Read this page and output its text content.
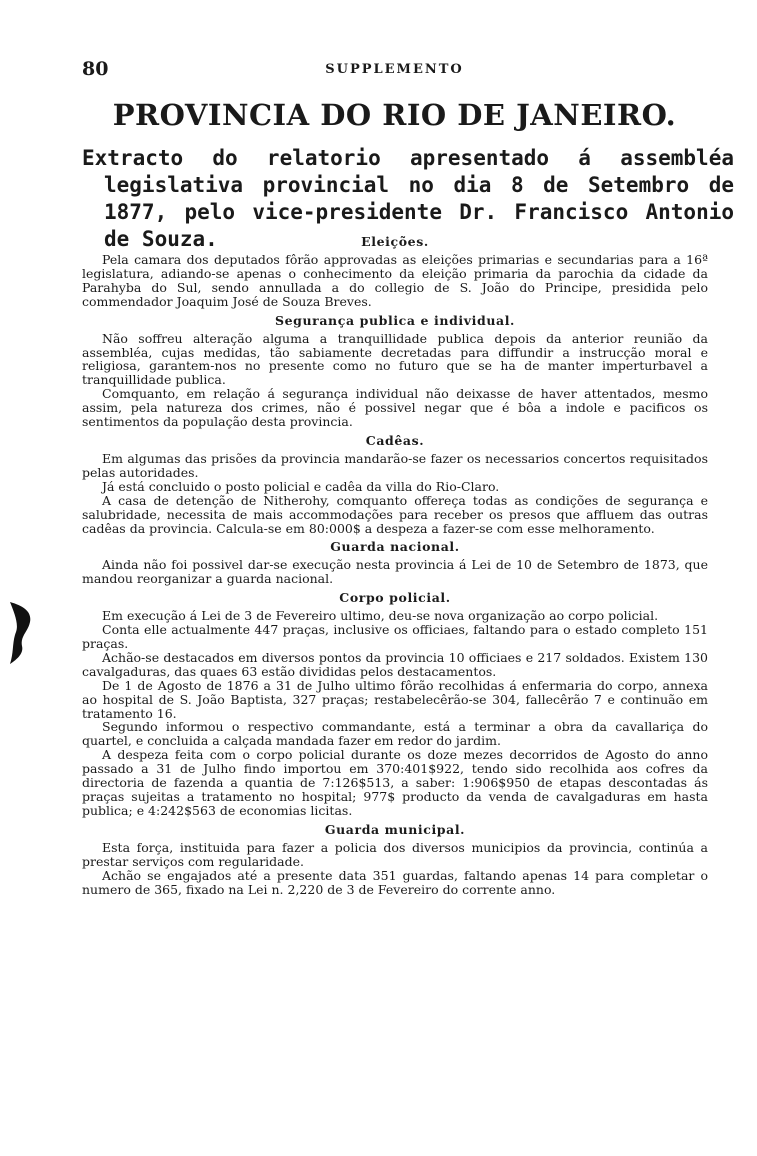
80	SUPPLEMENTO
PROVINCIA DO RIO DE JANEIRO.

Extracto do relatorio apresentado á assembléa legislativa provincial no dia 8 de Setembro de 1877, pelo vice-presidente Dr. Francisco Antonio de Souza.	Eleições.

Pela camara dos deputados fôrão approvadas as eleições primarias e secundarias para a 16ª legislatura, adiando-se apenas o conhecimento da eleição primaria da parochia da cidade da Parahyba do Sul, sendo annullada a do collegio de S. João do Principe, presidida pelo commendador Joaquim José de Souza Breves.

Segurança publica e individual.

Não soffreu alteração alguma a tranquillidade publica depois da anterior reunião da assembléa, cujas medidas, tão sabiamente decretadas para diffundir a instrucção moral e religiosa, garantem-nos no presente como no futuro que se ha de manter imperturbavel a tranquillidade publica.

Comquanto, em relação á segurança individual não deixasse de haver attentados, mesmo assim, pela natureza dos crimes, não é possivel negar que é bôa a indole e pacificos os sentimentos da população desta provincia.

Cadêas.

Em algumas das prisões da provincia mandarão-se fazer os necessarios concertos requisitados pelas autoridades.

Já está concluido o posto policial e cadêa da villa do Rio-Claro.

A casa de detenção de Nitherohy, comquanto offereça todas as condições de segurança e salubridade, necessita de mais accommodações para receber os presos que affluem das outras cadêas da provincia. Calcula-se em 80:000$ a despeza a fazer-se com esse melhoramento.

Guarda nacional.

Ainda não foi possivel dar-se execução nesta provincia á Lei de 10 de Setembro de 1873, que mandou reorganizar a guarda nacional.

Corpo policial.

Em execução á Lei de 3 de Fevereiro ultimo, deu-se nova organização ao corpo policial.

Conta elle actualmente 447 praças, inclusive os officiaes, faltando para o estado completo 151 praças.

Achão-se destacados em diversos pontos da provincia 10 officiaes e 217 soldados. Existem 130 cavalgaduras, das quaes 63 estão divididas pelos destacamentos.

De 1 de Agosto de 1876 a 31 de Julho ultimo fôrão recolhidas á enfermaria do corpo, annexa ao hospital de S. João Baptista, 327 praças; restabelecêrão-se 304, fallecêrão 7 e continuão em tratamento 16.

Segundo informou o respectivo commandante, está a terminar a obra da cavallariça do quartel, e concluida a calçada mandada fazer em redor do jardim.

A despeza feita com o corpo policial durante os doze mezes decorridos de Agosto do anno passado a 31 de Julho findo importou em 370:401$922, tendo sido recolhida aos cofres da directoria de fazenda a quantia de 7:126$513, a saber: 1:906$950 de etapas descontadas ás praças sujeitas a tratamento no hospital; 977$ producto da venda de cavalgaduras em hasta publica; e 4:242$563 de economias licitas.

Guarda municipal.

Esta força, instituida para fazer a policia dos diversos municipios da provincia, continúa a prestar serviços com regularidade.

Achão se engajados até a presente data 351 guardas, faltando apenas 14 para completar o numero de 365, fixado na Lei n. 2,220 de 3 de Fevereiro do corrente anno.
